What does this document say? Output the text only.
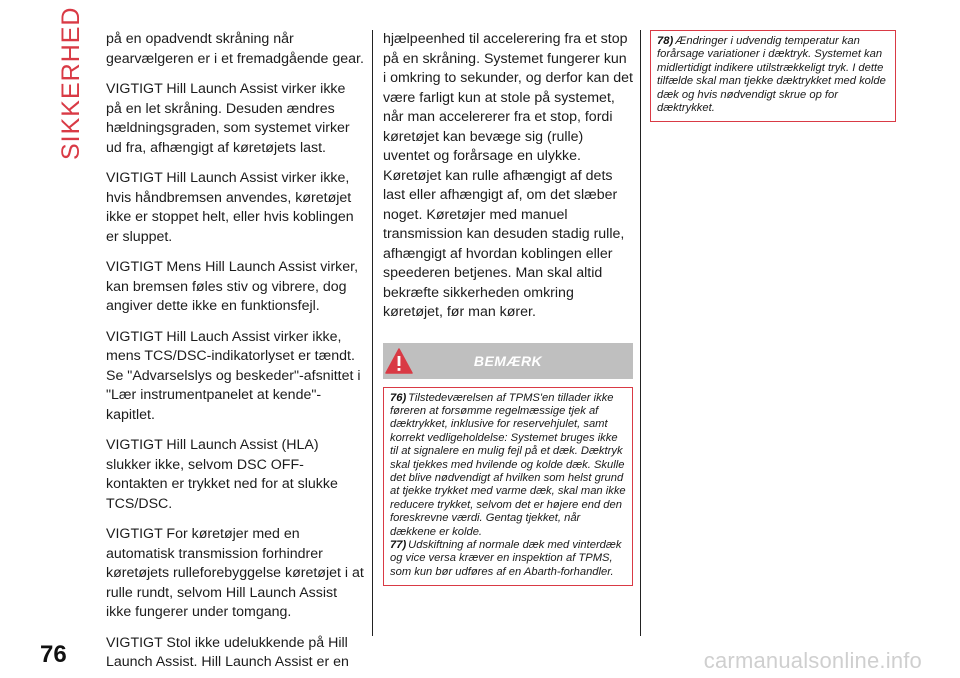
SIKKERHED på en opadvendt skråning når gearvælgeren er i et fremadgående gear.

VIGTIGT Hill Launch Assist virker ikke på en let skråning. Desuden ændres hældningsgraden, som systemet virker ud fra, afhængigt af køretøjets last.

VIGTIGT Hill Launch Assist virker ikke, hvis håndbremsen anvendes, køretøjet ikke er stoppet helt, eller hvis koblingen er sluppet.

VIGTIGT Mens Hill Launch Assist virker, kan bremsen føles stiv og vibrere, dog angiver dette ikke en funktionsfejl.

VIGTIGT Hill Lauch Assist virker ikke, mens TCS/DSC-indikatorlyset er tændt. Se "Advarselslys og beskeder"-afsnittet i "Lær instrumentpanelet at kende"-kapitlet.

VIGTIGT Hill Launch Assist (HLA) slukker ikke, selvom DSC OFF-kontakten er trykket ned for at slukke TCS/DSC.

VIGTIGT For køretøjer med en automatisk transmission forhindrer køretøjets rulleforebyggelse køretøjet i at rulle rundt, selvom Hill Launch Assist ikke fungerer under tomgang.

VIGTIGT Stol ikke udelukkende på Hill Launch Assist. Hill Launch Assist er en

hjælpeenhed til accelerering fra et stop på en skråning. Systemet fungerer kun i omkring to sekunder, og derfor kan det være farligt kun at stole på systemet, når man accelererer fra et stop, fordi køretøjet kan bevæge sig (rulle) uventet og forårsage en ulykke. Køretøjet kan rulle afhængigt af dets last eller afhængigt af, om det slæber noget. Køretøjer med manuel transmission kan desuden stadig rulle, afhængigt af hvordan koblingen eller speederen betjenes. Man skal altid bekræfte sikkerheden omkring køretøjet, før man kører.

BEMÆRK

76) Tilstedeværelsen af TPMS'en tillader ikke føreren at forsømme regelmæssige tjek af dæktrykket, inklusive for reservehjulet, samt korrekt vedligeholdelse: Systemet bruges ikke til at signalere en mulig fejl på et dæk. Dæktryk skal tjekkes med hvilende og kolde dæk. Skulle det blive nødvendigt af hvilken som helst grund at tjekke trykket med varme dæk, skal man ikke reducere trykket, selvom det er højere end den foreskrevne værdi. Gentag tjekket, når dækkene er kolde.

77) Udskiftning af normale dæk med vinterdæk og vice versa kræver en inspektion af TPMS, som kun bør udføres af en Abarth-forhandler.

78) Ændringer i udvendig temperatur kan forårsage variationer i dæktryk. Systemet kan midlertidigt indikere utilstrækkeligt tryk. I dette tilfælde skal man tjekke dæktrykket med kolde dæk og hvis nødvendigt skrue op for dæktrykket.

76	carmanualsonline.info
